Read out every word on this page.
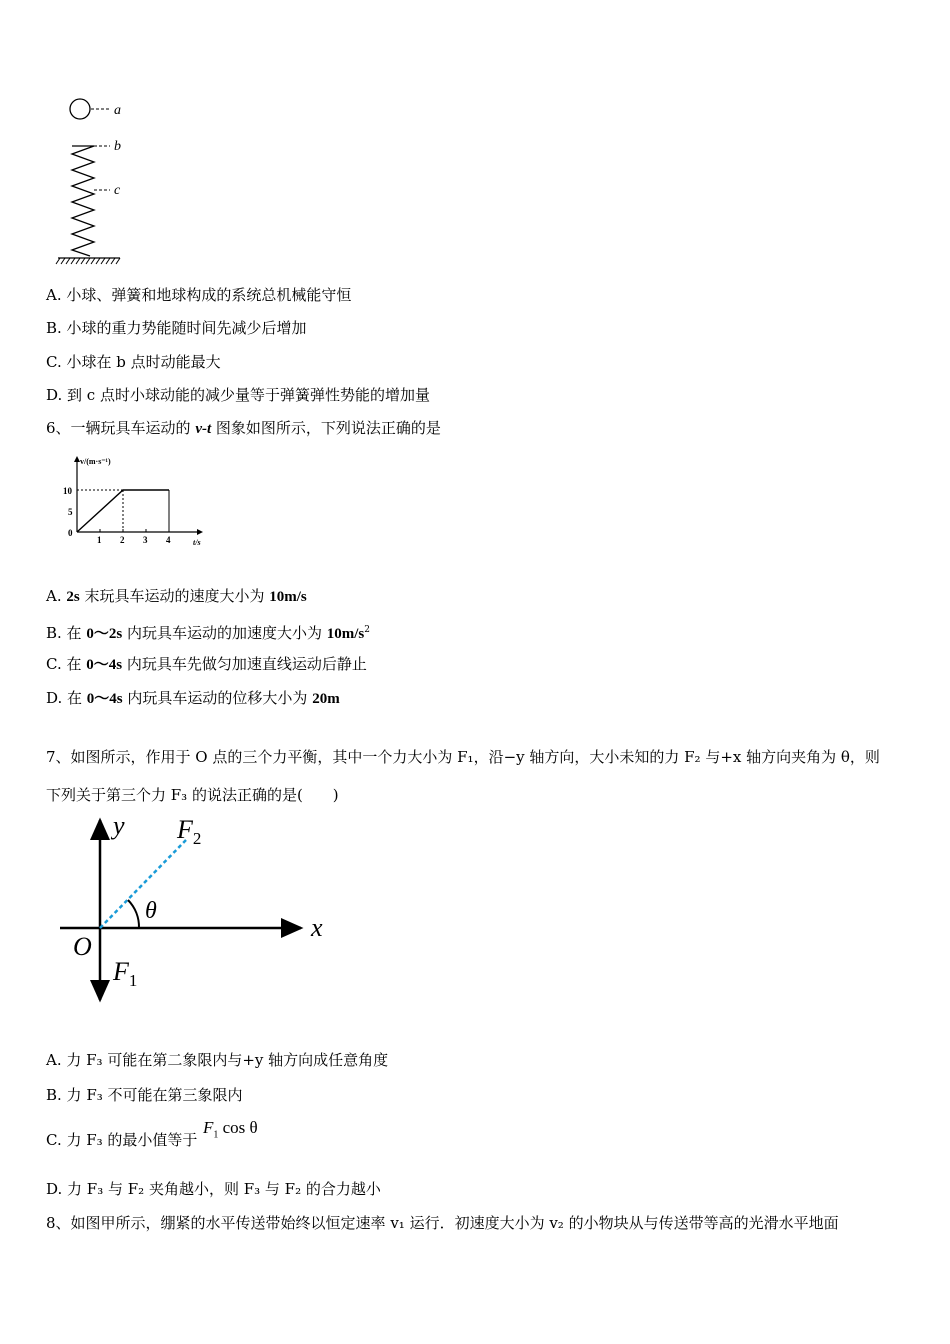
a
b
c
A. 小球、弹簧和地球构成的系统总机械能守恒
B. 小球的重力势能随时间先减少后增加
C. 小球在 b 点时动能最大
D. 到 c 点时小球动能的减少量等于弹簧弹性势能的增加量
6、一辆玩具车运动的 v-t 图象如图所示，下列说法正确的是
v/(m·s⁻¹)
t/s
1 2 3 4
0
5
10
A. 2s 末玩具车运动的速度大小为 10m/s
B. 在 0～2s 内玩具车运动的加速度大小为 $10m/s^2$
C. 在 0～4s 内玩具车先做匀加速直线运动后静止
D. 在 0～4s 内玩具车运动的位移大小为 20m
7、如图所示，作用于 O 点的三个力平衡，其中一个力大小为 F₁，沿−y 轴方向，大小未知的力 F₂ 与+x 轴方向夹角为 θ，则
下列关于第三个力 F₃ 的说法正确的是(　　)
y
x
O
$F_2$
$F_1$
θ
A. 力 F₃ 可能在第二象限内与+y 轴方向成任意角度
B. 力 F₃ 不可能在第三象限内
C. 力 F₃ 的最小值等于
$F_1$ cos θ
D. 力 F₃ 与 F₂ 夹角越小，则 F₃ 与 F₂ 的合力越小
8、如图甲所示，绷紧的水平传送带始终以恒定速率 v₁ 运行．初速度大小为 v₂ 的小物块从与传送带等高的光滑水平地面
